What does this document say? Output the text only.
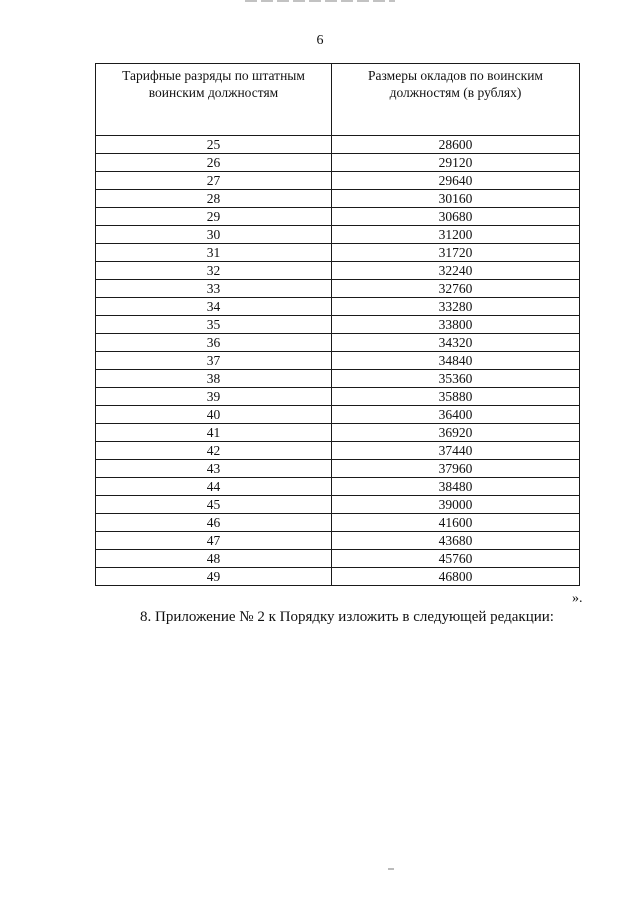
6
Тарифные разряды по штатным воинским должностям	Размеры окладов по воинским должностям (в рублях)
25	28600
26	29120
27	29640
28	30160
29	30680
30	31200
31	31720
32	32240
33	32760
34	33280
35	33800
36	34320
37	34840
38	35360
39	35880
40	36400
41	36920
42	37440
43	37960
44	38480
45	39000
46	41600
47	43680
48	45760
49	46800
».
8. Приложение № 2 к Порядку изложить в следующей редакции:
